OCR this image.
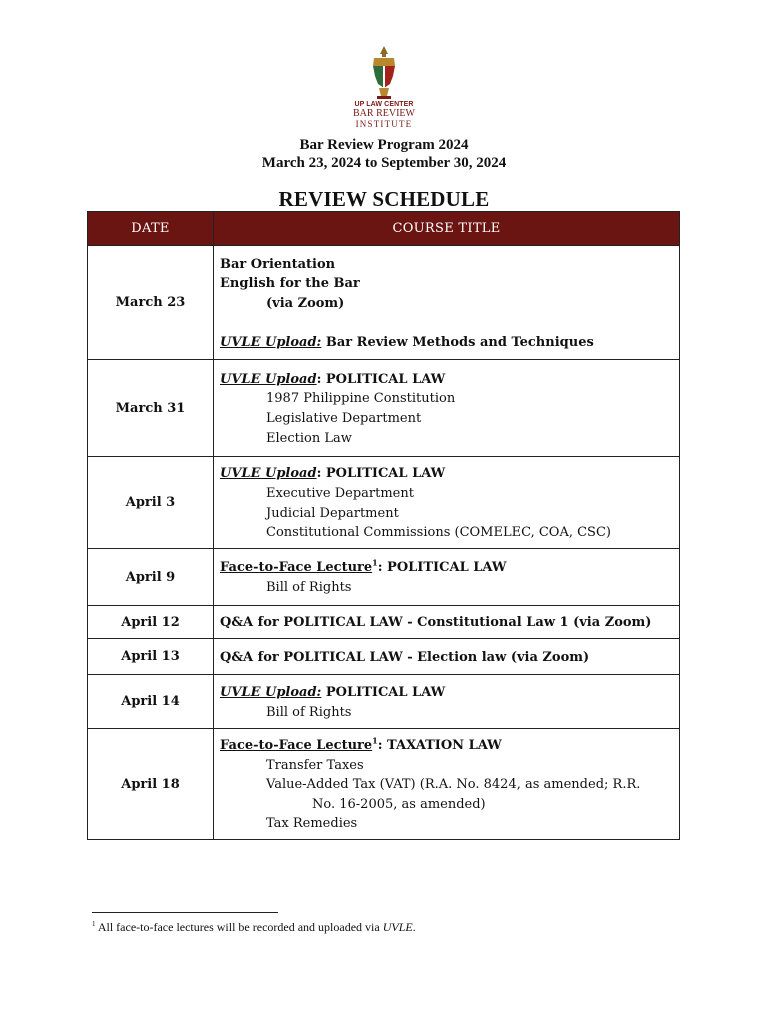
UP LAW CENTER
BAR REVIEW
INSTITUTE
Bar Review Program 2024
March 23, 2024 to September 30, 2024
REVIEW SCHEDULE
DATE	COURSE TITLE
March 23	Bar Orientation
English for the Bar
(via Zoom)
UVLE Upload: Bar Review Methods and Techniques

March 31	UVLE Upload: POLITICAL LAW
1987 Philippine Constitution
Legislative Department
Election Law

April 3	UVLE Upload: POLITICAL LAW
Executive Department
Judicial Department
Constitutional Commissions (COMELEC, COA, CSC)

April 9	Face-to-Face Lecture$^1$: POLITICAL LAW
Bill of Rights

April 12	Q&A for POLITICAL LAW - Constitutional Law 1 (via Zoom)
April 13	Q&A for POLITICAL LAW - Election law (via Zoom)
April 14	UVLE Upload: POLITICAL LAW
Bill of Rights

April 18	Face-to-Face Lecture$^1$: TAXATION LAW
Transfer Taxes
Value-Added Tax (VAT) (R.A. No. 8424, as amended; R.R.
No. 16-2005, as amended)
Tax Remedies
$^1$ All face-to-face lectures will be recorded and uploaded via UVLE.
